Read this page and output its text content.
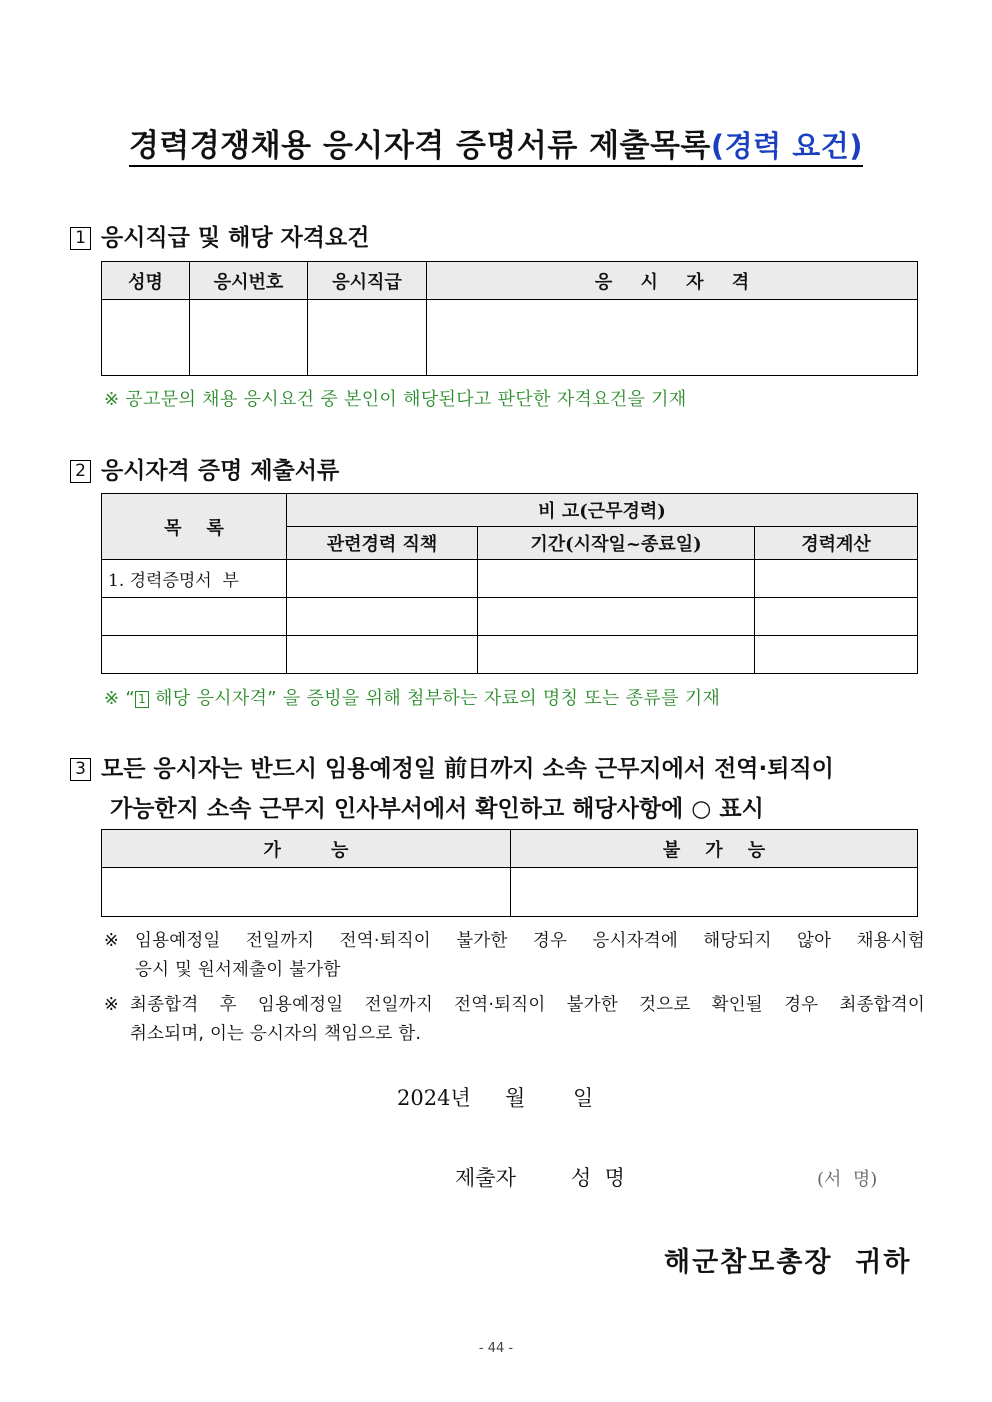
경력경쟁채용 응시자격 증명서류 제출목록(경력 요건)
1 응시직급 및 해당 자격요건
성명	응시번호	응시직급	응 시 자 격

※ 공고문의 채용 응시요건 중 본인이 해당된다고 판단한 자격요건을 기재
2 응시자격 증명 제출서류
목    록	비 고(근무경력)		
	관련경력 직책	기간(시작일~종료일)	경력계산
1. 경력증명서  부			

※ “ 1 해당 응시자격” 을 증빙을 위해 첨부하는 자료의 명칭 또는 종류를 기재
3 모든 응시자는 반드시 임용예정일 前日까지 소속 근무지에서 전역·퇴직이
가능한지 소속 근무지 인사부서에서 확인하고 해당사항에 ○ 표시
가        능	불    가    능

※ 임용예정일 전일까지 전역·퇴직이 불가한 경우 응시자격에 해당되지 않아 채용시험
응시 및 원서제출이 불가함
※ 최종합격 후 임용예정일 전일까지 전역·퇴직이 불가한 것으로 확인될 경우 최종합격이
취소되며, 이는 응시자의 책임으로 함.
2024년 월 일
제출자	성  명	(서  명)
해군참모총장  귀하
- 44 -
